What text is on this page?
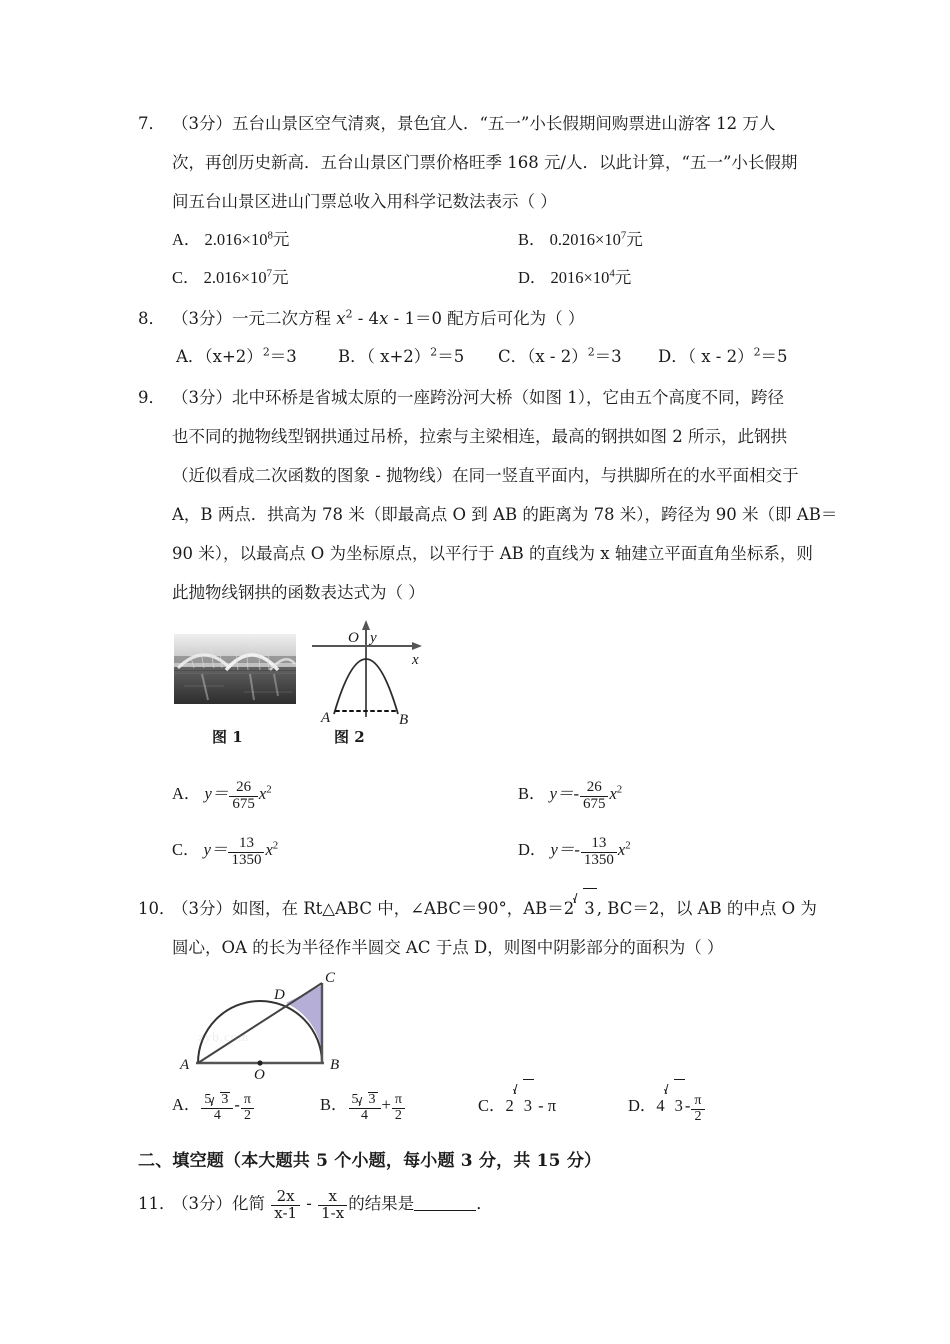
7． （3分）五台山景区空气清爽，景色宜人．“五一”小长假期间购票进山游客 12 万人
次，再创历史新高．五台山景区门票价格旺季 168 元/人．以此计算，“五一”小长假期
间五台山景区进山门票总收入用科学记数法表示（ ）
A． $2.016\times 10^8$元	B． $0.2016\times 10^7$元
C． $2.016\times 10^7$元	D． $2016\times 10^4$元
8． （3分）一元二次方程 $x^2 - 4x - 1=0$ 配方后可化为（ ）
A．$(x+2)^2=3$	B．（ x+2）$^2$＝5 C．（x - 2）$^2$＝3 D．（ x - 2）$^2$＝5
9． （3分）北中环桥是省城太原的一座跨汾河大桥（如图 1），它由五个高度不同，跨径
也不同的抛物线型钢拱通过吊桥，拉索与主梁相连，最高的钢拱如图 2 所示，此钢拱
（近似看成二次函数的图象 - 抛物线）在同一竖直平面内，与拱脚所在的水平面相交于
A，B 两点．拱高为 78 米（即最高点 O 到 AB 的距离为 78 米），跨径为 90 米（即 AB＝
90 米），以最高点 O 为坐标原点，以平行于 AB 的直线为 x 轴建立平面直角坐标系，则
此抛物线钢拱的函数表达式为（ ）
y
O
x
A	B
图 1	图 2
A． $y= \frac{26}{675} x^2$	B． $y=- \frac{26}{675} x^2$
C． $y= \frac{13}{1350} x^2$	D． $y=- \frac{13}{1350} x^2$
10．（3分）如图，在 Rt△ABC 中，∠ABC＝90°，AB＝2 3 , BC＝2，以 AB 的中点 O 为
圆心，OA 的长为半径作半圆交 AC 于点 D，则图中阴影部分的面积为（ ）
A	B
C
D
O
zyb.com
A． $\frac{5 3}{4} - \frac{\pi}{2}$	B． $\frac{5 3}{4} + \frac{\pi}{2}$	C．2 3 - π	D．4 $3 - \frac{\pi}{2}$
二、填空题（本大题共 5 个小题，每小题 3 分，共 15 分）
11．（3分）化简 $\frac{2x}{x-1} - \frac{x}{1-x}$ 的结果是	．
